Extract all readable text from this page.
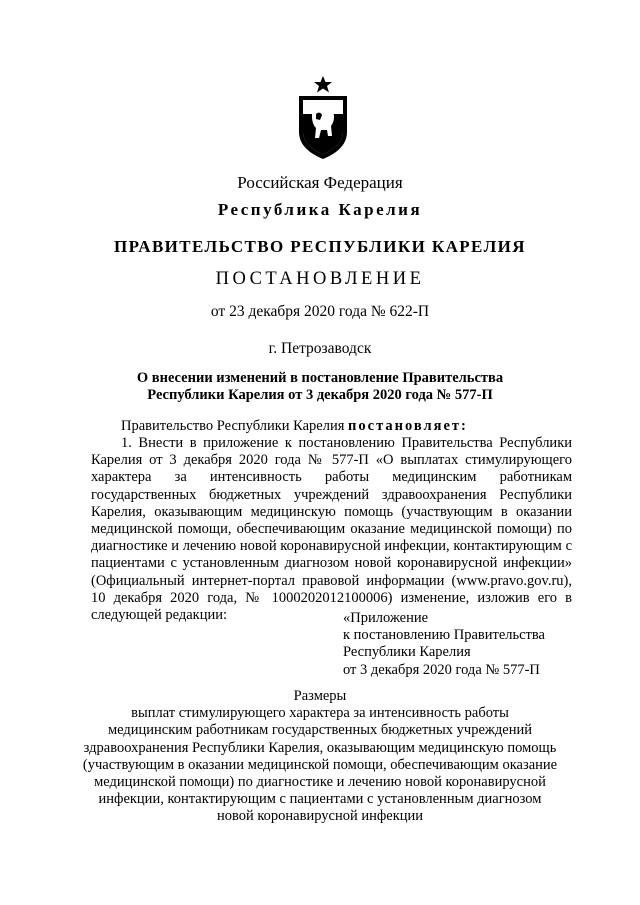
Российская Федерация
Республика Карелия
ПРАВИТЕЛЬСТВО РЕСПУБЛИКИ КАРЕЛИЯ
ПОСТАНОВЛЕНИЕ
от 23 декабря 2020 года № 622-П
г. Петрозаводск
О внесении изменений в постановление Правительства
Республики Карелия от 3 декабря 2020 года № 577-П
Правительство Республики Карелия постановляет:
1. Внести в приложение к постановлению Правительства Республики Карелия от 3 декабря 2020 года № 577-П «О выплатах стимулирующего характера за интенсивность работы медицинским работникам государственных бюджетных учреждений здравоохранения Республики Карелия, оказывающим медицинскую помощь (участвующим в оказании медицинской помощи, обеспечивающим оказание медицинской помощи) по диагностике и лечению новой коронавирусной инфекции, контактирующим с пациентами с установленным диагнозом новой коронавирусной инфекции» (Официальный интернет-портал правовой информации (www.pravo.gov.ru), 10 декабря 2020 года, № 1000202012100006) изменение, изложив его в следующей редакции:	«Приложение
к постановлению Правительства
Республики Карелия
от 3 декабря 2020 года № 577-П
Размеры
выплат стимулирующего характера за интенсивность работы
медицинским работникам государственных бюджетных учреждений
здравоохранения Республики Карелия, оказывающим медицинскую помощь
(участвующим в оказании медицинской помощи, обеспечивающим оказание
медицинской помощи) по диагностике и лечению новой коронавирусной
инфекции, контактирующим с пациентами с установленным диагнозом
новой коронавирусной инфекции
